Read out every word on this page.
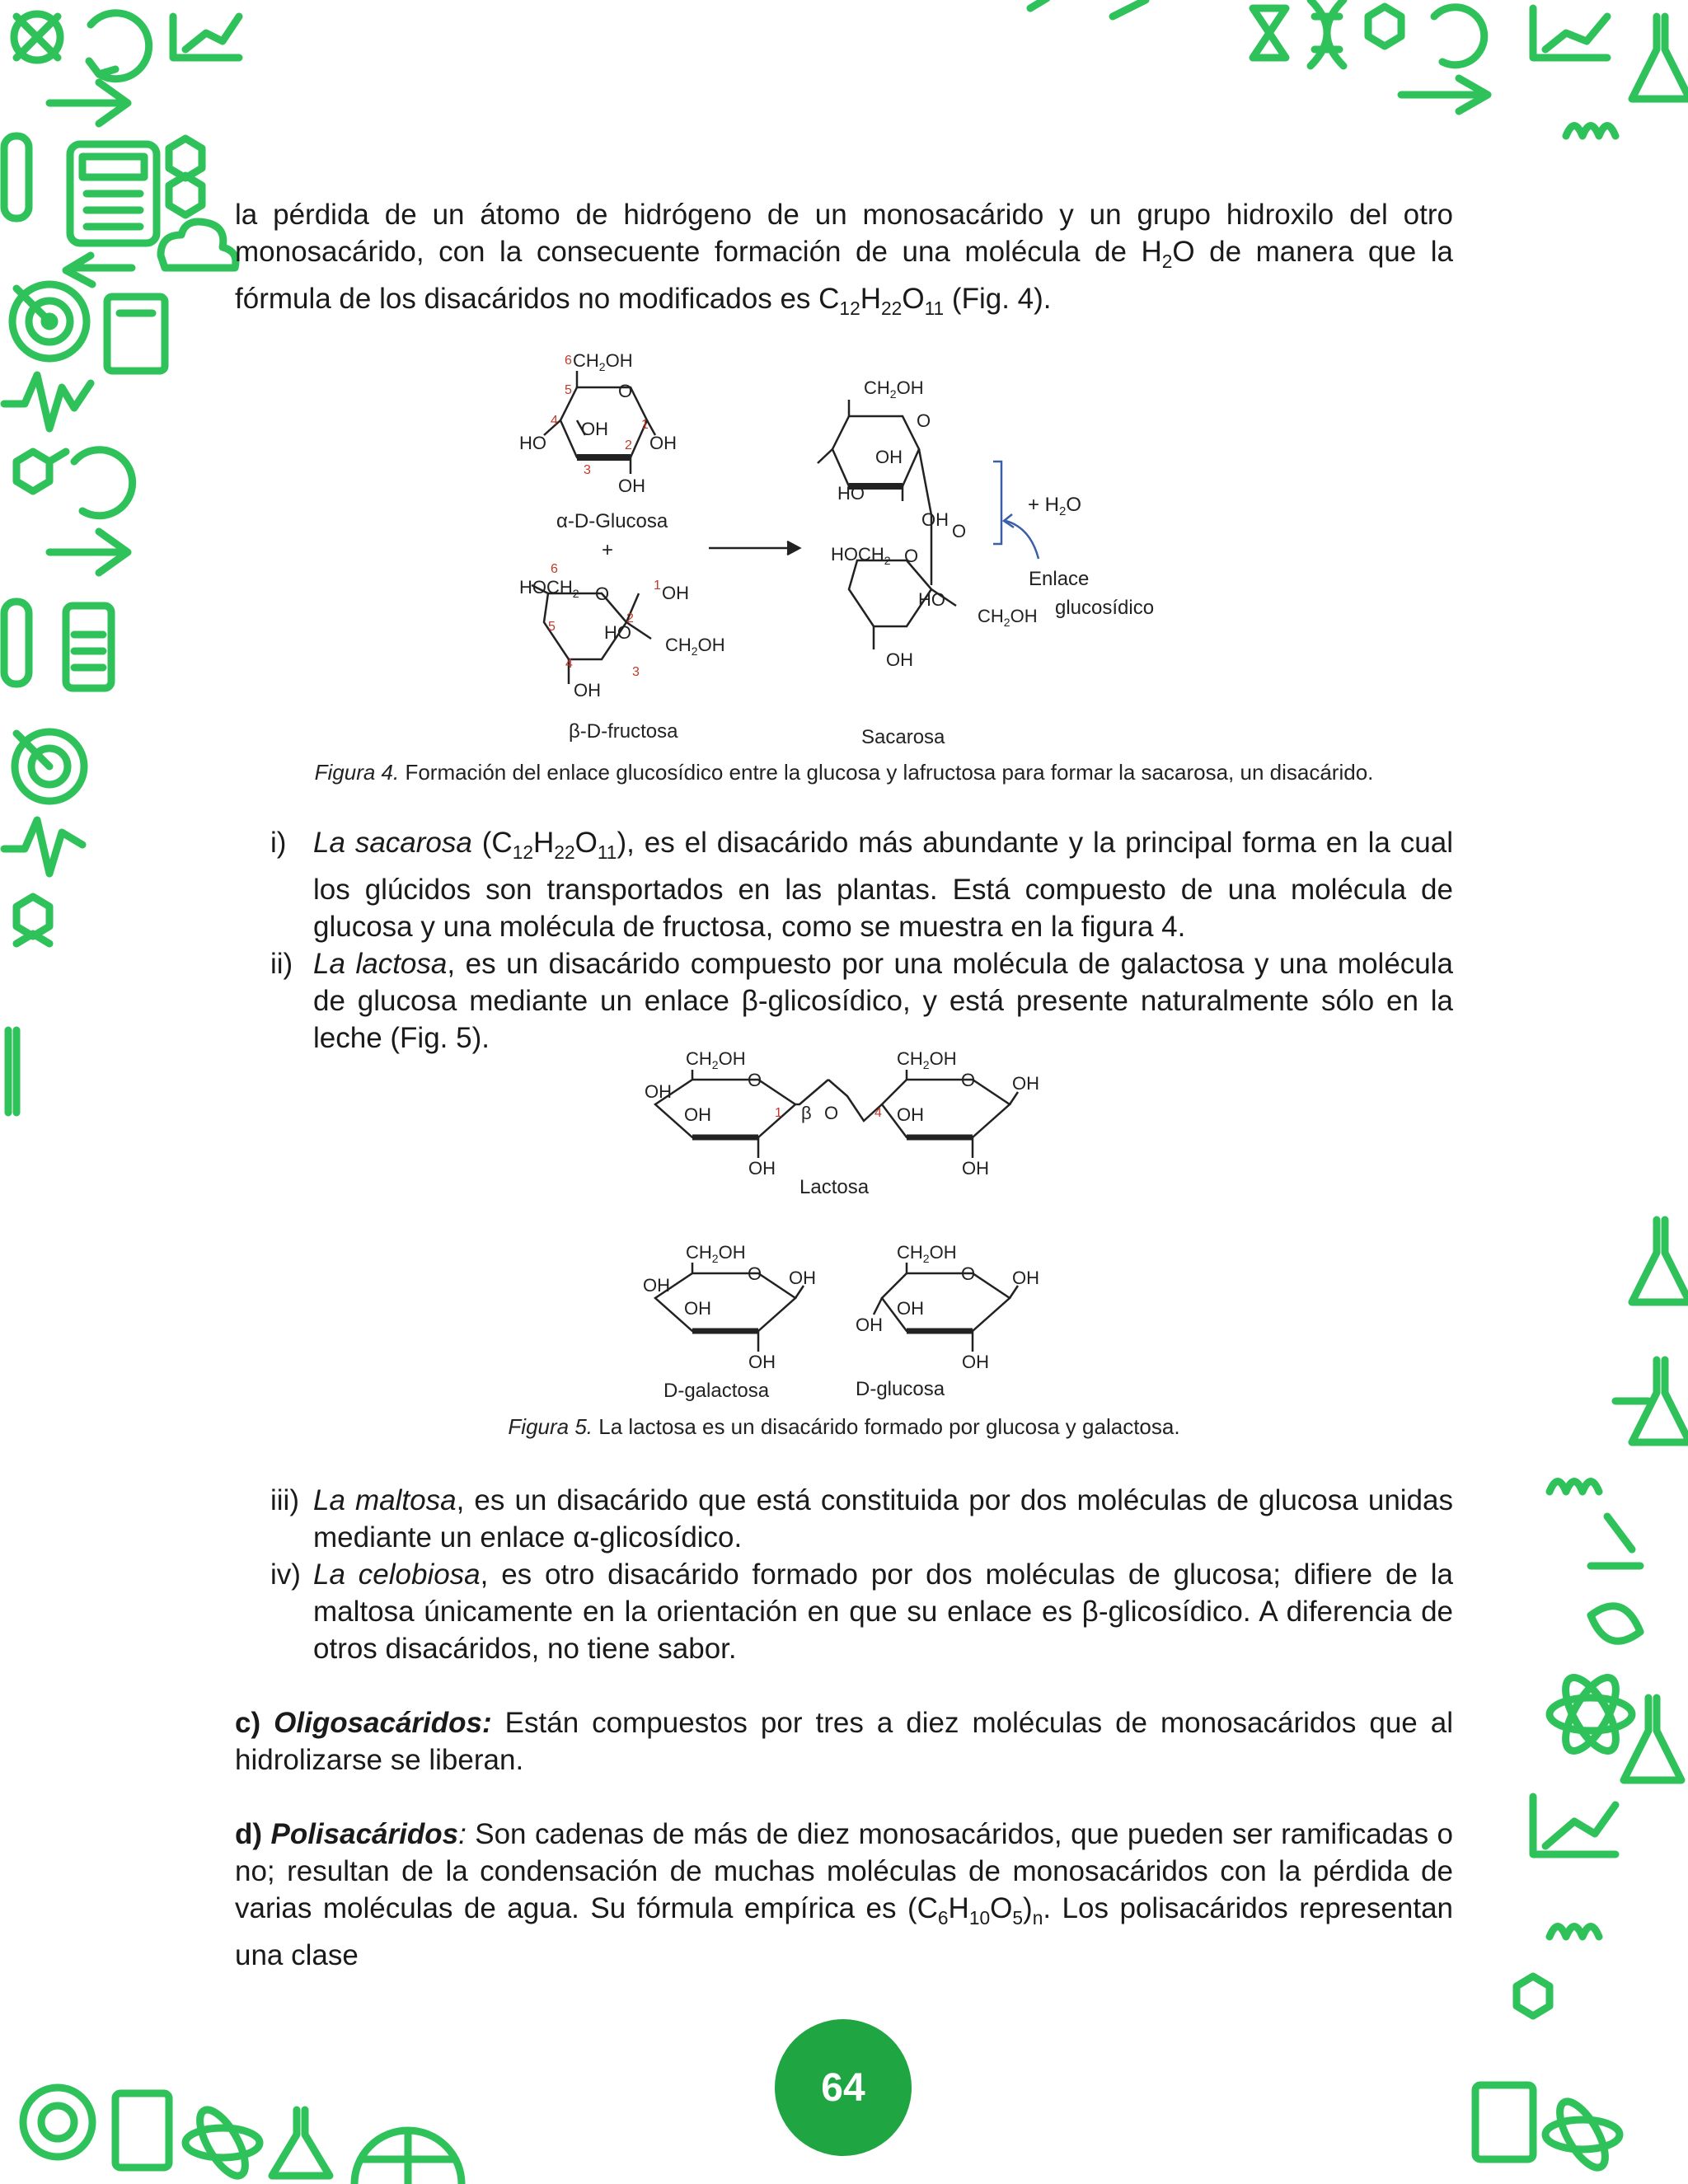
la pérdida de un átomo de hidrógeno de un monosacárido y un grupo hidroxilo del otro monosacárido, con la consecuente formación de una molécula de $H_2O$ de manera que la fórmula de los disacáridos no modificados es $C_{12}H_{22}O_{11}$ (Fig. 4).

$CH_2OH$
O
OH
HO	OH
OH
6
5
4
3
2
1
α-D-Glucosa
+
$HOCH_2$ O	OH
HO
$CH_2OH$
OH
6
5
4
3
2
1
β-D-fructosa
$CH_2OH$
O
OH
HO
OH
O
$HOCH_2$ O
HO
$CH_2OH$
OH
+ $H_2O$
Enlace
glucosídico
Sacarosa
Figura 4. Formación del enlace glucosídico entre la glucosa y lafructosa para formar la sacarosa, un disacárido.

i) La sacarosa $(C_{12}H_{22}O_{11})$, es el disacárido más abundante y la principal forma en la cual los glúcidos son transportados en las plantas. Está compuesto de una molécula de glucosa y una molécula de fructosa, como se muestra en la figura 4.

ii) La lactosa, es un disacárido compuesto por una molécula de galactosa y una molécula de glucosa mediante un enlace β-glicosídico, y está presente naturalmente sólo en la leche (Fig. 5).

$CH_2OH$
O
OH
OH
OH
1 β O	4
$CH_2OH$
O OH
OH
OH
Lactosa
$CH_2OH$
O
OH
OH
OH
OH
$CH_2OH$
O OH
OH
OH
OH
D-galactosa	D-glucosa
Figura 5. La lactosa es un disacárido formado por glucosa y galactosa.

iii) La maltosa, es un disacárido que está constituida por dos moléculas de glucosa unidas mediante un enlace α-glicosídico.

iv) La celobiosa, es otro disacárido formado por dos moléculas de glucosa; difiere de la maltosa únicamente en la orientación en que su enlace es β-glicosídico. A diferencia de otros disacáridos, no tiene sabor.

c) Oligosacáridos: Están compuestos por tres a diez moléculas de monosacáridos que al hidrolizarse se liberan.

d) Polisacáridos: Son cadenas de más de diez monosacáridos, que pueden ser ramificadas o no; resultan de la condensación de muchas moléculas de monosacáridos con la pérdida de varias moléculas de agua. Su fórmula empírica es $(C_6H_{10}O_5)_n$. Los polisacáridos representan una clase

64
